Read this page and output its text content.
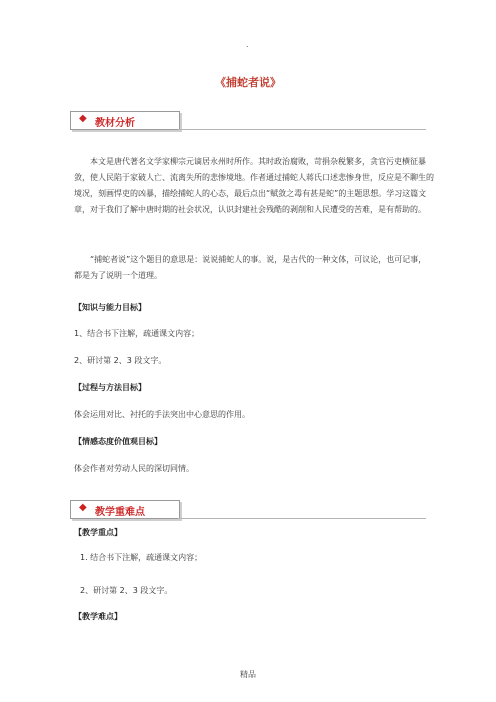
.
《捕蛇者说》
◆ 教材分析
本文是唐代著名文学家柳宗元谪居永州时所作。其时政治腐败，苛捐杂税繁多，贪官污吏横征暴敛，使人民陷于家破人亡、流离失所的悲惨境地。作者通过捕蛇人蒋氏口述悲惨身世，反应是不聊生的境况，刻画悍吏的凶暴，描绘捕蛇人的心态，最后点出“赋敛之毒有甚是蛇”的主题思想。学习这篇文章，对于我们了解中唐时期的社会状况，认识封建社会残酷的剥削和人民遭受的苦难，是有帮助的。
“捕蛇者说”这个题目的意思是：说说捕蛇人的事。说，是古代的一种文体，可议论，也可记事，都是为了说明一个道理。
【知识与能力目标】
1、结合书下注解，疏通课文内容；
2、研讨第 2、3 段文字。
【过程与方法目标】
体会运用对比、衬托的手法突出中心意思的作用。
【情感态度价值观目标】
体会作者对劳动人民的深切同情。
◆ 教学重难点
【教学重点】
1. 结合书下注解，疏通课文内容；
2、研讨第 2、3 段文字。
【教学难点】
精品
